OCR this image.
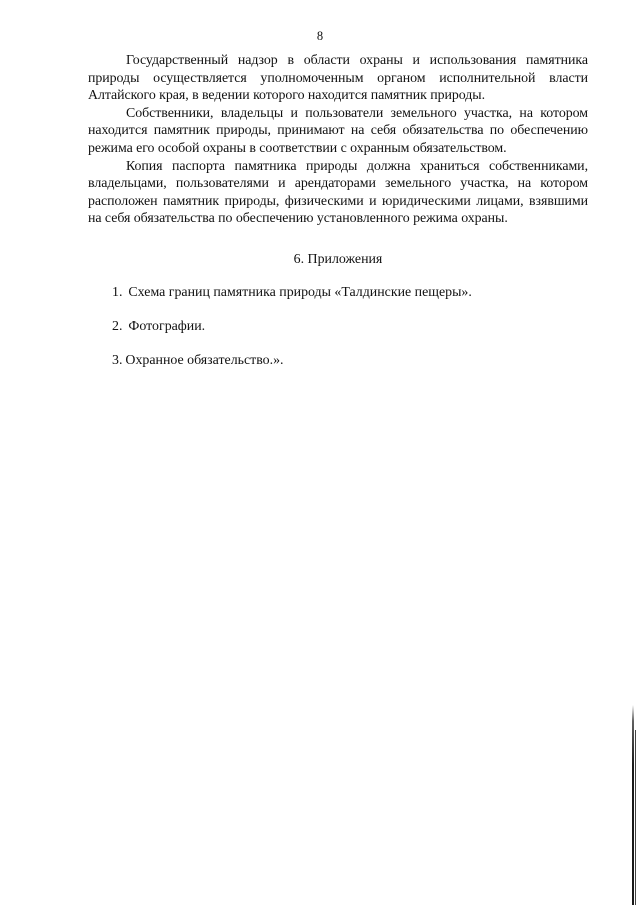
8

Государственный надзор в области охраны и использования памятника природы осуществляется уполномоченным органом исполнительной власти Алтайского края, в ведении которого находится памятник природы.

Собственники, владельцы и пользователи земельного участка, на котором находится памятник природы, принимают на себя обязательства по обеспечению режима его особой охраны в соответствии с охранным обязательством.

Копия паспорта памятника природы должна храниться собственниками, владельцами, пользователями и арендаторами земельного участка, на котором расположен памятник природы, физическими и юридическими лицами, взявшими на себя обязательства по обеспечению установленного режима охраны.

6. Приложения
1. Схема границ памятника природы «Талдинские пещеры».
2. Фотографии.
3. Охранное обязательство.».
